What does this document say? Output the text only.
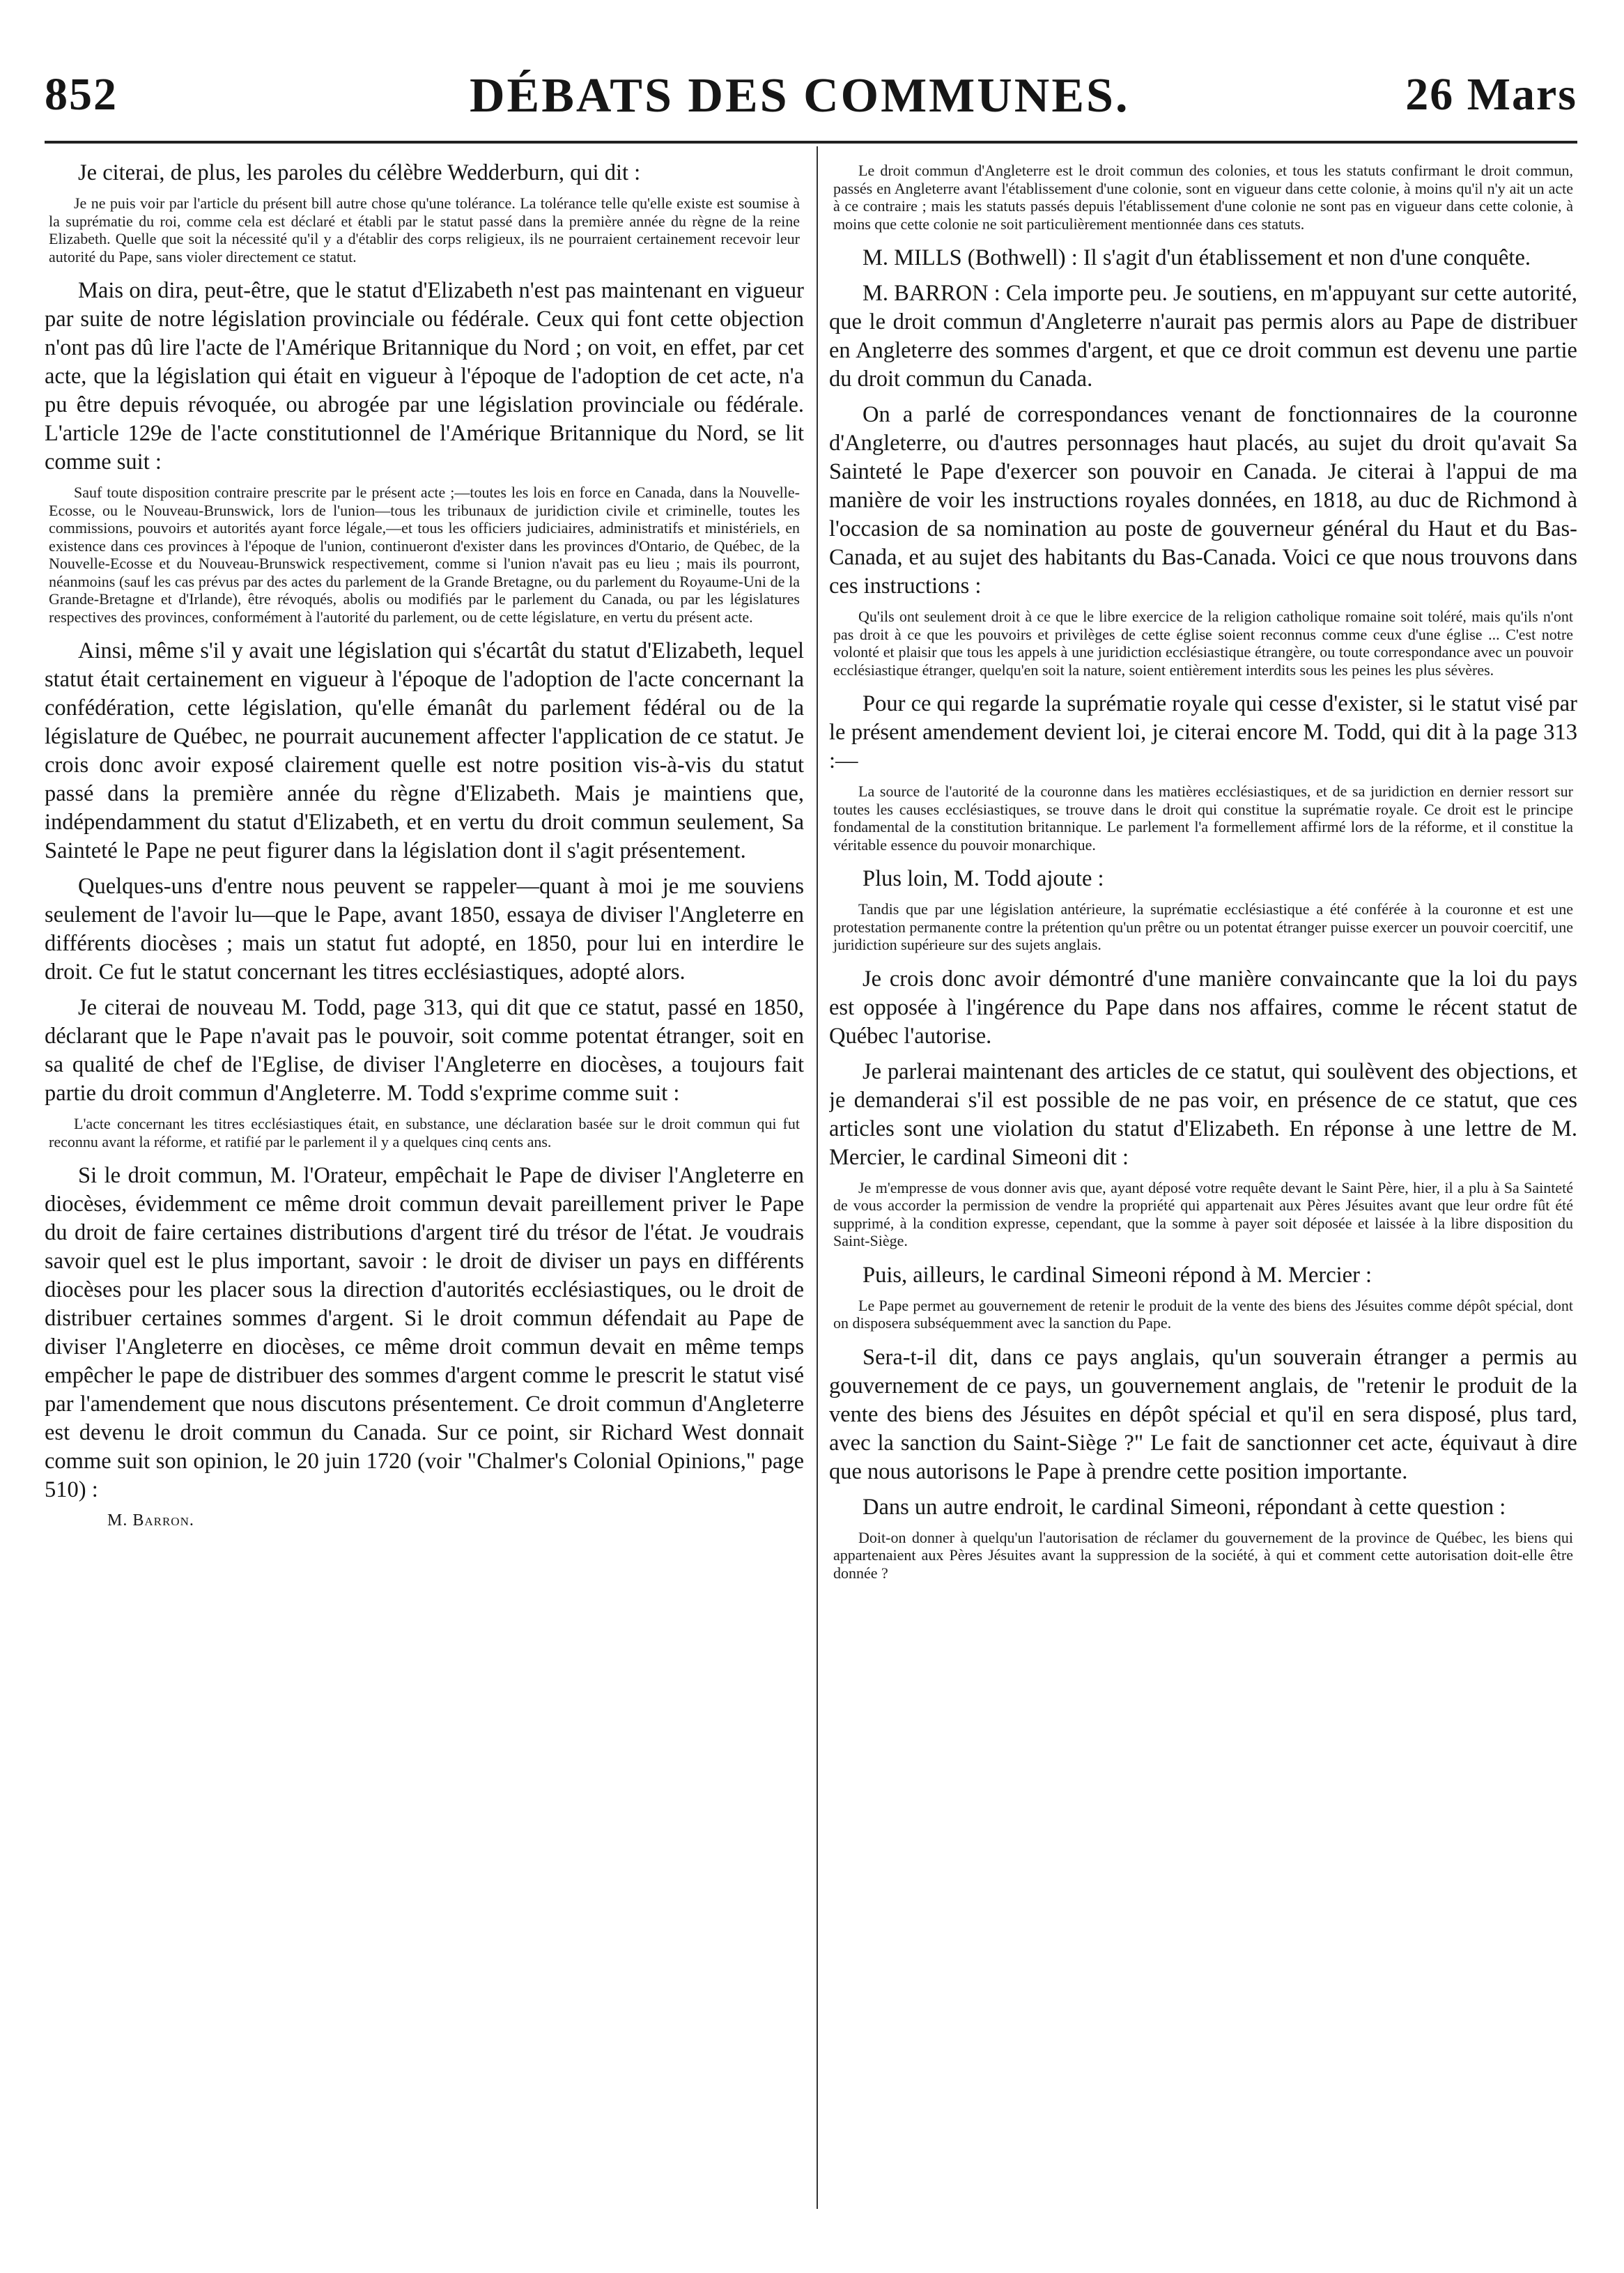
852	DÉBATS DES COMMUNES.	26 Mars
Je citerai, de plus, les paroles du célèbre Wedderburn, qui dit :
Je ne puis voir par l'article du présent bill autre chose qu'une tolérance. La tolérance telle qu'elle existe est soumise à la suprématie du roi, comme cela est déclaré et établi par le statut passé dans la première année du règne de la reine Elizabeth. Quelle que soit la nécessité qu'il y a d'établir des corps religieux, ils ne pourraient certainement recevoir leur autorité du Pape, sans violer directement ce statut.
Mais on dira, peut-être, que le statut d'Elizabeth n'est pas maintenant en vigueur par suite de notre législation provinciale ou fédérale. Ceux qui font cette objection n'ont pas dû lire l'acte de l'Amérique Britannique du Nord ; on voit, en effet, par cet acte, que la législation qui était en vigueur à l'époque de l'adoption de cet acte, n'a pu être depuis révoquée, ou abrogée par une législation provinciale ou fédérale. L'article 129e de l'acte constitutionnel de l'Amérique Britannique du Nord, se lit comme suit :
Sauf toute disposition contraire prescrite par le présent acte ;—toutes les lois en force en Canada, dans la Nouvelle-Ecosse, ou le Nouveau-Brunswick, lors de l'union—tous les tribunaux de juridiction civile et criminelle, toutes les commissions, pouvoirs et autorités ayant force légale,—et tous les officiers judiciaires, administratifs et ministériels, en existence dans ces provinces à l'époque de l'union, continueront d'exister dans les provinces d'Ontario, de Québec, de la Nouvelle-Ecosse et du Nouveau-Brunswick respectivement, comme si l'union n'avait pas eu lieu ; mais ils pourront, néanmoins (sauf les cas prévus par des actes du parlement de la Grande Bretagne, ou du parlement du Royaume-Uni de la Grande-Bretagne et d'Irlande), être révoqués, abolis ou modifiés par le parlement du Canada, ou par les législatures respectives des provinces, conformément à l'autorité du parlement, ou de cette législature, en vertu du présent acte.
Ainsi, même s'il y avait une législation qui s'écartât du statut d'Elizabeth, lequel statut était certainement en vigueur à l'époque de l'adoption de l'acte concernant la confédération, cette législation, qu'elle émanât du parlement fédéral ou de la législature de Québec, ne pourrait aucunement affecter l'application de ce statut. Je crois donc avoir exposé clairement quelle est notre position vis-à-vis du statut passé dans la première année du règne d'Elizabeth. Mais je maintiens que, indépendamment du statut d'Elizabeth, et en vertu du droit commun seulement, Sa Sainteté le Pape ne peut figurer dans la législation dont il s'agit présentement.
Quelques-uns d'entre nous peuvent se rappeler—quant à moi je me souviens seulement de l'avoir lu—que le Pape, avant 1850, essaya de diviser l'Angleterre en différents diocèses ; mais un statut fut adopté, en 1850, pour lui en interdire le droit. Ce fut le statut concernant les titres ecclésiastiques, adopté alors.
Je citerai de nouveau M. Todd, page 313, qui dit que ce statut, passé en 1850, déclarant que le Pape n'avait pas le pouvoir, soit comme potentat étranger, soit en sa qualité de chef de l'Eglise, de diviser l'Angleterre en diocèses, a toujours fait partie du droit commun d'Angleterre. M. Todd s'exprime comme suit :
L'acte concernant les titres ecclésiastiques était, en substance, une déclaration basée sur le droit commun qui fut reconnu avant la réforme, et ratifié par le parlement il y a quelques cinq cents ans.
Si le droit commun, M. l'Orateur, empêchait le Pape de diviser l'Angleterre en diocèses, évidemment ce même droit commun devait pareillement priver le Pape du droit de faire certaines distributions d'argent tiré du trésor de l'état. Je voudrais savoir quel est le plus important, savoir : le droit de diviser un pays en différents diocèses pour les placer sous la direction d'autorités ecclésiastiques, ou le droit de distribuer certaines sommes d'argent. Si le droit commun défendait au Pape de diviser l'Angleterre en diocèses, ce même droit commun devait en même temps empêcher le pape de distribuer des sommes d'argent comme le prescrit le statut visé par l'amendement que nous discutons présentement. Ce droit commun d'Angleterre est devenu le droit commun du Canada. Sur ce point, sir Richard West donnait comme suit son opinion, le 20 juin 1720 (voir "Chalmer's Colonial Opinions," page 510) :
M. Barron.
Le droit commun d'Angleterre est le droit commun des colonies, et tous les statuts confirmant le droit commun, passés en Angleterre avant l'établissement d'une colonie, sont en vigueur dans cette colonie, à moins qu'il n'y ait un acte à ce contraire ; mais les statuts passés depuis l'établissement d'une colonie ne sont pas en vigueur dans cette colonie, à moins que cette colonie ne soit particulièrement mentionnée dans ces statuts.
M. MILLS (Bothwell) : Il s'agit d'un établissement et non d'une conquête.
M. BARRON : Cela importe peu. Je soutiens, en m'appuyant sur cette autorité, que le droit commun d'Angleterre n'aurait pas permis alors au Pape de distribuer en Angleterre des sommes d'argent, et que ce droit commun est devenu une partie du droit commun du Canada.
On a parlé de correspondances venant de fonctionnaires de la couronne d'Angleterre, ou d'autres personnages haut placés, au sujet du droit qu'avait Sa Sainteté le Pape d'exercer son pouvoir en Canada. Je citerai à l'appui de ma manière de voir les instructions royales données, en 1818, au duc de Richmond à l'occasion de sa nomination au poste de gouverneur général du Haut et du Bas-Canada, et au sujet des habitants du Bas-Canada. Voici ce que nous trouvons dans ces instructions :
Qu'ils ont seulement droit à ce que le libre exercice de la religion catholique romaine soit toléré, mais qu'ils n'ont pas droit à ce que les pouvoirs et privilèges de cette église soient reconnus comme ceux d'une église ... C'est notre volonté et plaisir que tous les appels à une juridiction ecclésiastique étrangère, ou toute correspondance avec un pouvoir ecclésiastique étranger, quelqu'en soit la nature, soient entièrement interdits sous les peines les plus sévères.
Pour ce qui regarde la suprématie royale qui cesse d'exister, si le statut visé par le présent amendement devient loi, je citerai encore M. Todd, qui dit à la page 313 :—
La source de l'autorité de la couronne dans les matières ecclésiastiques, et de sa juridiction en dernier ressort sur toutes les causes ecclésiastiques, se trouve dans le droit qui constitue la suprématie royale. Ce droit est le principe fondamental de la constitution britannique. Le parlement l'a formellement affirmé lors de la réforme, et il constitue la véritable essence du pouvoir monarchique.
Plus loin, M. Todd ajoute :
Tandis que par une législation antérieure, la suprématie ecclésiastique a été conférée à la couronne et est une protestation permanente contre la prétention qu'un prêtre ou un potentat étranger puisse exercer un pouvoir coercitif, une juridiction supérieure sur des sujets anglais.
Je crois donc avoir démontré d'une manière convaincante que la loi du pays est opposée à l'ingérence du Pape dans nos affaires, comme le récent statut de Québec l'autorise.
Je parlerai maintenant des articles de ce statut, qui soulèvent des objections, et je demanderai s'il est possible de ne pas voir, en présence de ce statut, que ces articles sont une violation du statut d'Elizabeth. En réponse à une lettre de M. Mercier, le cardinal Simeoni dit :
Je m'empresse de vous donner avis que, ayant déposé votre requête devant le Saint Père, hier, il a plu à Sa Sainteté de vous accorder la permission de vendre la propriété qui appartenait aux Pères Jésuites avant que leur ordre fût été supprimé, à la condition expresse, cependant, que la somme à payer soit déposée et laissée à la libre disposition du Saint-Siège.
Puis, ailleurs, le cardinal Simeoni répond à M. Mercier :
Le Pape permet au gouvernement de retenir le produit de la vente des biens des Jésuites comme dépôt spécial, dont on disposera subséquemment avec la sanction du Pape.
Sera-t-il dit, dans ce pays anglais, qu'un souverain étranger a permis au gouvernement de ce pays, un gouvernement anglais, de "retenir le produit de la vente des biens des Jésuites en dépôt spécial et qu'il en sera disposé, plus tard, avec la sanction du Saint-Siège ?" Le fait de sanctionner cet acte, équivaut à dire que nous autorisons le Pape à prendre cette position importante.
Dans un autre endroit, le cardinal Simeoni, répondant à cette question :
Doit-on donner à quelqu'un l'autorisation de réclamer du gouvernement de la province de Québec, les biens qui appartenaient aux Pères Jésuites avant la suppression de la société, à qui et comment cette autorisation doit-elle être donnée ?
